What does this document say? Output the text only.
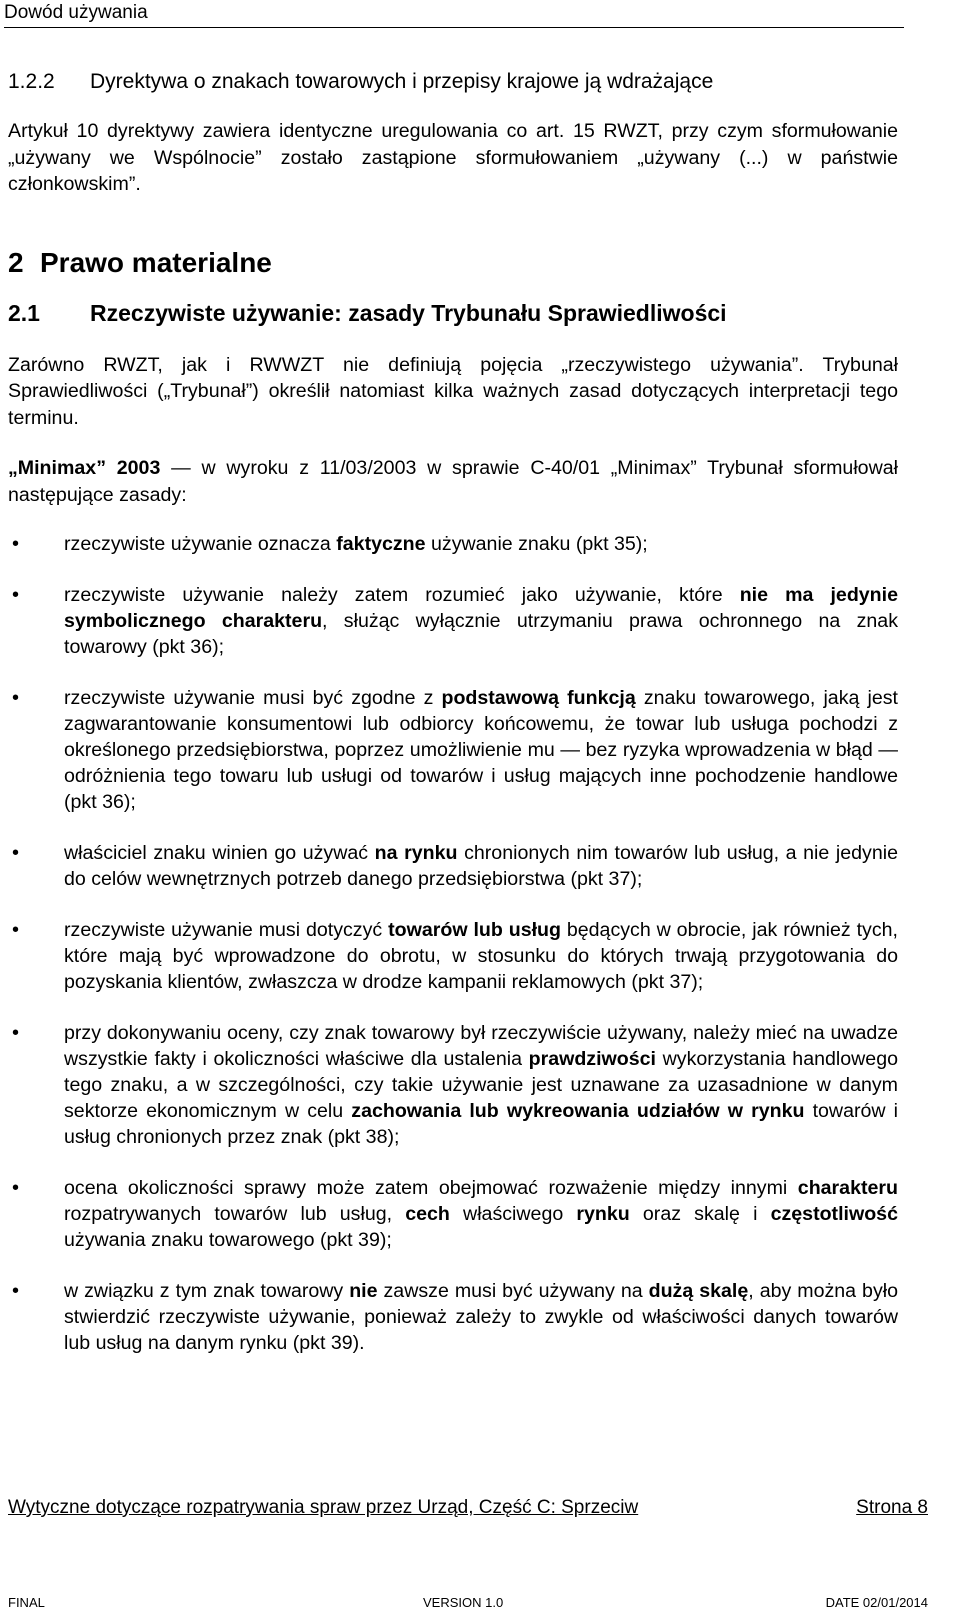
Dowód używania
1.2.2	Dyrektywa o znakach towarowych i przepisy krajowe ją wdrażające

Artykuł 10 dyrektywy zawiera identyczne uregulowania co art. 15 RWZT, przy czym sformułowanie „używany we Wspólnocie” zostało zastąpione sformułowaniem „używany (...) w państwie członkowskim”.

2 Prawo materialne
2.1	Rzeczywiste używanie: zasady Trybunału Sprawiedliwości

Zarówno RWZT, jak i RWWZT nie definiują pojęcia „rzeczywistego używania”. Trybunał Sprawiedliwości („Trybunał”) określił natomiast kilka ważnych zasad dotyczących interpretacji tego terminu.

„Minimax” 2003 — w wyroku z 11/03/2003 w sprawie C-40/01 „Minimax” Trybunał sformułował następujące zasady:

• rzeczywiste używanie oznacza faktyczne używanie znaku (pkt 35);
• rzeczywiste używanie należy zatem rozumieć jako używanie, które nie ma jedynie symbolicznego charakteru, służąc wyłącznie utrzymaniu prawa ochronnego na znak towarowy (pkt 36);
• rzeczywiste używanie musi być zgodne z podstawową funkcją znaku towarowego, jaką jest zagwarantowanie konsumentowi lub odbiorcy końcowemu, że towar lub usługa pochodzi z określonego przedsiębiorstwa, poprzez umożliwienie mu — bez ryzyka wprowadzenia w błąd — odróżnienia tego towaru lub usługi od towarów i usług mających inne pochodzenie handlowe (pkt 36);
• właściciel znaku winien go używać na rynku chronionych nim towarów lub usług, a nie jedynie do celów wewnętrznych potrzeb danego przedsiębiorstwa (pkt 37);
• rzeczywiste używanie musi dotyczyć towarów lub usług będących w obrocie, jak również tych, które mają być wprowadzone do obrotu, w stosunku do których trwają przygotowania do pozyskania klientów, zwłaszcza w drodze kampanii reklamowych (pkt 37);
• przy dokonywaniu oceny, czy znak towarowy był rzeczywiście używany, należy mieć na uwadze wszystkie fakty i okoliczności właściwe dla ustalenia prawdziwości wykorzystania handlowego tego znaku, a w szczególności, czy takie używanie jest uznawane za uzasadnione w danym sektorze ekonomicznym w celu zachowania lub wykreowania udziałów w rynku towarów i usług chronionych przez znak (pkt 38);
• ocena okoliczności sprawy może zatem obejmować rozważenie między innymi charakteru rozpatrywanych towarów lub usług, cech właściwego rynku oraz skalę i częstotliwość używania znaku towarowego (pkt 39);
• w związku z tym znak towarowy nie zawsze musi być używany na dużą skalę, aby można było stwierdzić rzeczywiste używanie, ponieważ zależy to zwykle od właściwości danych towarów lub usług na danym rynku (pkt 39).
Wytyczne dotyczące rozpatrywania spraw przez Urząd, Część C: Sprzeciw	Strona 8
FINAL	VERSION 1.0	DATE 02/01/2014
